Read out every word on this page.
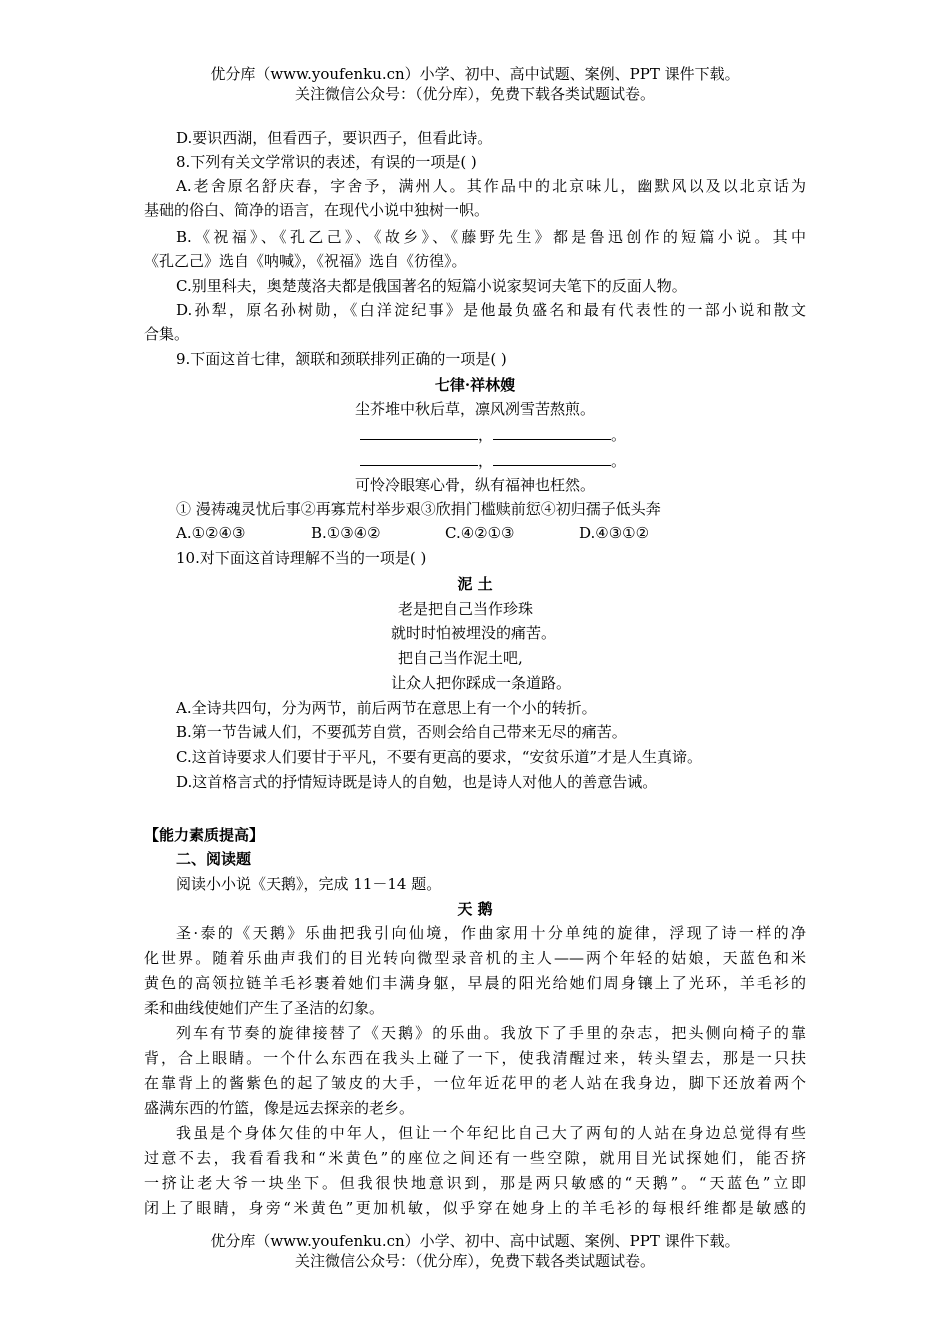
优分库（www.youfenku.cn）小学、初中、高中试题、案例、PPT 课件下载。
关注微信公众号：（优分库），免费下载各类试题试卷。
D.要识西湖，但看西子，要识西子，但看此诗。
8.下列有关文学常识的表述，有误的一项是( )
A.老舍原名舒庆春，字舍予，满州人。其作品中的北京味儿，幽默风以及以北京话为
基础的俗白、简净的语言，在现代小说中独树一帜。
B.《祝福》、《孔乙己》、《故乡》、《藤野先生》都是鲁迅创作的短篇小说。其中
《孔乙己》选自《呐喊》，《祝福》选自《彷徨》。
C.别里科夫，奥楚蔑洛夫都是俄国著名的短篇小说家契诃夫笔下的反面人物。
D.孙犁，原名孙树勋，《白洋淀纪事》是他最负盛名和最有代表性的一部小说和散文
合集。
9.下面这首七律，颔联和颈联排列正确的一项是( )
七律·祥林嫂
尘芥堆中秋后草，凛风冽雪苦熬煎。
，	。
，	。
可怜冷眼寒心骨，纵有福神也枉然。
① 漫祷魂灵忧后事②再寡荒村举步艰③欣捐门槛赎前愆④初归孺子低头奔
A.①②④③	B.①③④②	C.④②①③	D.④③①②
10.对下面这首诗理解不当的一项是( )
泥 土
老是把自己当作珍珠
就时时怕被埋没的痛苦。
把自己当作泥土吧,
让众人把你踩成一条道路。
A.全诗共四句，分为两节，前后两节在意思上有一个小的转折。
B.第一节告诫人们，不要孤芳自赏，否则会给自己带来无尽的痛苦。
C.这首诗要求人们要甘于平凡，不要有更高的要求，“安贫乐道”才是人生真谛。
D.这首格言式的抒情短诗既是诗人的自勉，也是诗人对他人的善意告诫。
【能力素质提高】
二、阅读题
阅读小小说《天鹅》，完成 11－14 题。
天 鹅
圣·泰的《天鹅》乐曲把我引向仙境，作曲家用十分单纯的旋律，浮现了诗一样的净
化世界。随着乐曲声我们的目光转向微型录音机的主人——两个年轻的姑娘，天蓝色和米
黄色的高领拉链羊毛衫裹着她们丰满身躯，早晨的阳光给她们周身镶上了光环，羊毛衫的
柔和曲线使她们产生了圣洁的幻象。
列车有节奏的旋律接替了《天鹅》的乐曲。我放下了手里的杂志，把头侧向椅子的靠
背，合上眼睛。一个什么东西在我头上碰了一下，使我清醒过来，转头望去，那是一只扶
在靠背上的酱紫色的起了皱皮的大手，一位年近花甲的老人站在我身边，脚下还放着两个
盛满东西的竹篮，像是远去探亲的老乡。
我虽是个身体欠佳的中年人，但让一个年纪比自己大了两旬的人站在身边总觉得有些
过意不去，我看看我和“米黄色”的座位之间还有一些空隙，就用目光试探她们，能否挤
一挤让老大爷一块坐下。但我很快地意识到，那是两只敏感的“天鹅”。“天蓝色”立即
闭上了眼睛，身旁“米黄色”更加机敏，似乎穿在她身上的羊毛衫的每根纤维都是敏感的
优分库（www.youfenku.cn）小学、初中、高中试题、案例、PPT 课件下载。
关注微信公众号：（优分库），免费下载各类试题试卷。
